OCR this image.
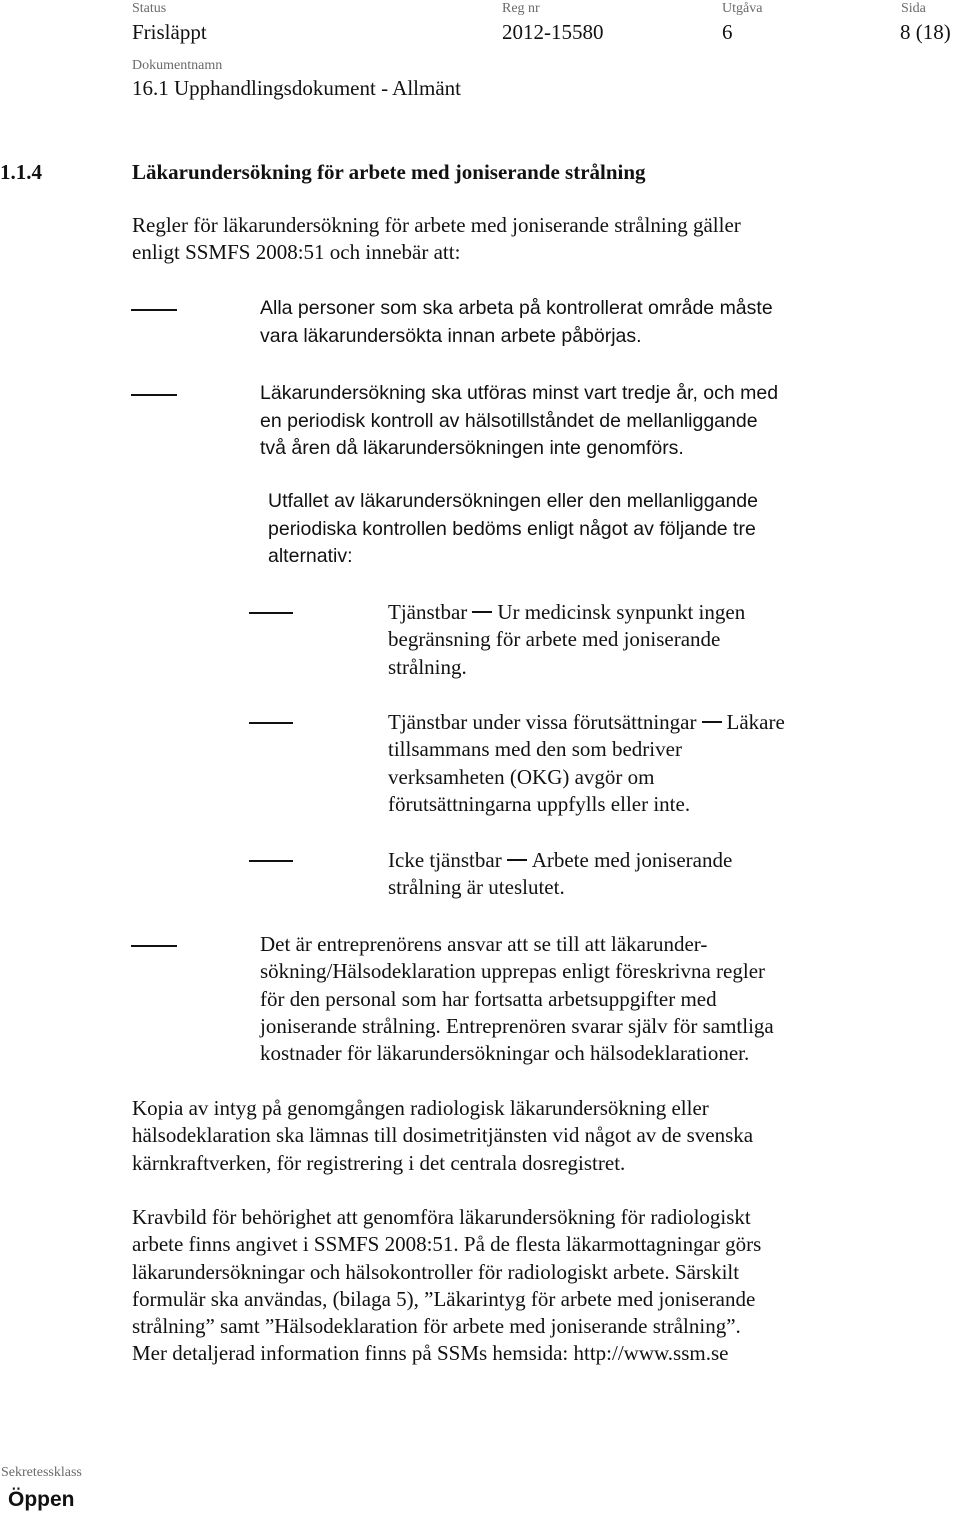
Status
Frisläppt
Reg nr
2012-15580
Utgåva
6
Sida
8 (18)
Dokumentnamn
16.1 Upphandlingsdokument - Allmänt
1.1.4	Läkarundersökning för arbete med joniserande strålning
Regler för läkarundersökning för arbete med joniserande strålning gäller
enligt SSMFS 2008:51 och innebär att:
Alla personer som ska arbeta på kontrollerat område måste
vara läkarundersökta innan arbete påbörjas.
Läkarundersökning ska utföras minst vart tredje år, och med
en periodisk kontroll av hälsotillståndet de mellanliggande
två åren då läkarundersökningen inte genomförs.
Utfallet av läkarundersökningen eller den mellanliggande
periodiska kontrollen bedöms enligt något av följande tre
alternativ:
Tjänstbar Ur medicinsk synpunkt ingen
begränsning för arbete med joniserande
strålning.
Tjänstbar under vissa förutsättningar Läkare
tillsammans med den som bedriver
verksamheten (OKG) avgör om
förutsättningarna uppfylls eller inte.
Icke tjänstbar Arbete med joniserande
strålning är uteslutet.
Det är entreprenörens ansvar att se till att läkarunder-
sökning/Hälsodeklaration upprepas enligt föreskrivna regler
för den personal som har fortsatta arbetsuppgifter med
joniserande strålning. Entreprenören svarar själv för samtliga
kostnader för läkarundersökningar och hälsodeklarationer.
Kopia av intyg på genomgången radiologisk läkarundersökning eller
hälsodeklaration ska lämnas till dosimetritjänsten vid något av de svenska
kärnkraftverken, för registrering i det centrala dosregistret.
Kravbild för behörighet att genomföra läkarundersökning för radiologiskt
arbete finns angivet i SSMFS 2008:51. På de flesta läkarmottagningar görs
läkarundersökningar och hälsokontroller för radiologiskt arbete. Särskilt
formulär ska användas, (bilaga 5), ”Läkarintyg för arbete med joniserande
strålning” samt ”Hälsodeklaration för arbete med joniserande strålning”.
Mer detaljerad information finns på SSMs hemsida: http://www.ssm.se
Sekretessklass
Öppen
